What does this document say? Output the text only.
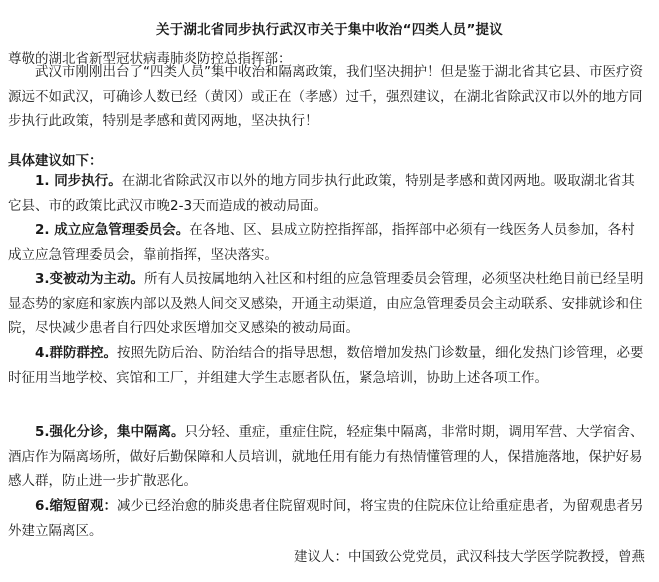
关于湖北省同步执行武汉市关于集中收治“四类人员”提议
尊敬的湖北省新型冠状病毒肺炎防控总指挥部：

武汉市刚刚出台了“四类人员”集中收治和隔离政策，我们坚决拥护！但是鉴于湖北省其它县、市医疗资源远不如武汉，可确诊人数已经（黄冈）或正在（孝感）过千，强烈建议，在湖北省除武汉市以外的地方同步执行此政策，特别是孝感和黄冈两地，坚决执行！

具体建议如下：

1. 同步执行。在湖北省除武汉市以外的地方同步执行此政策，特别是孝感和黄冈两地。吸取湖北省其它县、市的政策比武汉市晚2-3天而造成的被动局面。

2. 成立应急管理委员会。在各地、区、县成立防控指挥部，指挥部中必须有一线医务人员参加，各村成立应急管理委员会，靠前指挥，坚决落实。

3.变被动为主动。所有人员按属地纳入社区和村组的应急管理委员会管理，必须坚决杜绝目前已经呈明显态势的家庭和家族内部以及熟人间交叉感染，开通主动渠道，由应急管理委员会主动联系、安排就诊和住院，尽快减少患者自行四处求医增加交叉感染的被动局面。

4.群防群控。按照先防后治、防治结合的指导思想，数倍增加发热门诊数量，细化发热门诊管理，必要时征用当地学校、宾馆和工厂，并组建大学生志愿者队伍，紧急培训，协助上述各项工作。

5.强化分诊，集中隔离。只分轻、重症，重症住院，轻症集中隔离，非常时期，调用军营、大学宿舍、酒店作为隔离场所，做好后勤保障和人员培训，就地任用有能力有热情懂管理的人，保措施落地，保护好易感人群，防止进一步扩散恶化。

6.缩短留观：减少已经治愈的肺炎患者住院留观时间，将宝贵的住院床位让给重症患者，为留观患者另外建立隔离区。

建议人：中国致公党党员，武汉科技大学医学院教授，曾燕
